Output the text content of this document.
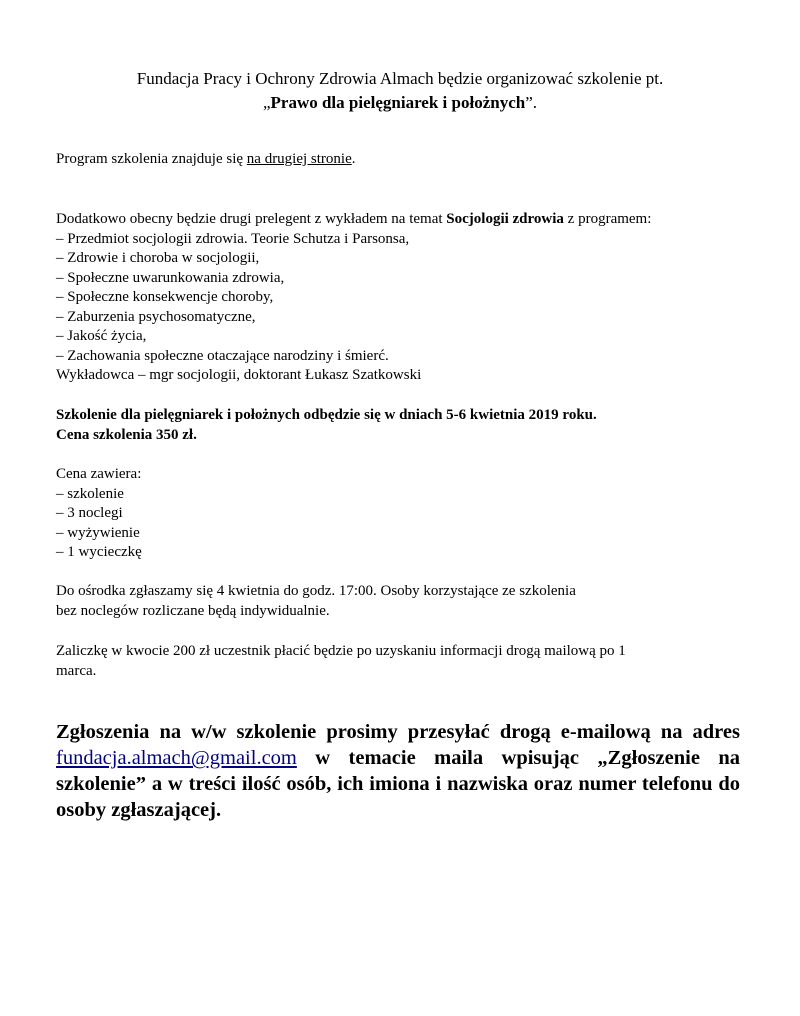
Fundacja Pracy i Ochrony Zdrowia Almach będzie organizować szkolenie pt.
„Prawo dla pielęgniarek i położnych”.
Program szkolenia znajduje się na drugiej stronie.
Dodatkowo obecny będzie drugi prelegent z wykładem na temat Socjologii zdrowia z programem:
– Przedmiot socjologii zdrowia. Teorie Schutza i Parsonsa,
– Zdrowie i choroba w socjologii,
– Społeczne uwarunkowania zdrowia,
– Społeczne konsekwencje choroby,
– Zaburzenia psychosomatyczne,
– Jakość życia,
– Zachowania społeczne otaczające narodziny i śmierć.
Wykładowca – mgr socjologii, doktorant Łukasz Szatkowski
Szkolenie dla pielęgniarek i położnych odbędzie się w dniach 5-6 kwietnia 2019 roku.
Cena szkolenia 350 zł.
Cena zawiera:
– szkolenie
– 3 noclegi
– wyżywienie
– 1 wycieczkę
Do ośrodka zgłaszamy się 4 kwietnia do godz. 17:00. Osoby korzystające ze szkolenia
bez noclegów rozliczane będą indywidualnie.
Zaliczkę w kwocie 200 zł uczestnik płacić będzie po uzyskaniu informacji drogą mailową po 1
marca.
Zgłoszenia na w/w szkolenie prosimy przesyłać drogą e-mailową na adres fundacja.almach@gmail.com w temacie maila wpisując „Zgłoszenie na szkolenie” a w treści ilość osób, ich imiona i nazwiska oraz numer telefonu do osoby zgłaszającej.
